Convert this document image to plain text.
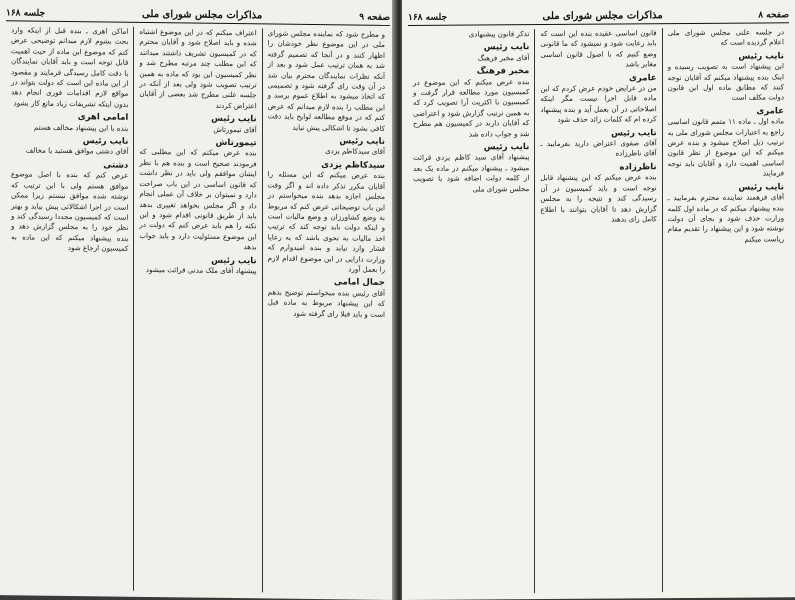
صفحه ٩
مذاکرات مجلس شورای ملی
جلسه ۱۶۸
و مطرح شود که نماینده مجلس شورای ملی در این موضوع نظر خودشان را اظهار کنند و در آنجا که تصمیم گرفته شد به همان ترتیب عمل شود و بعد از آنکه نظرات نمایندگان محترم بیان شد در آن وقت رای گرفته شود و تصمیمی که اتخاذ میشود به اطلاع عموم برسد و این مطلب را بنده لازم میدانم که عرض کنم که در موقع مطالعه لوایح باید دقت کافی بشود تا اشکالی پیش نیاید
نایب رئیس
آقای سیدکاظم یزدی
سیدکاظم یزدی
بنده عرض میکنم که این مسئله را آقایان مکرر تذکر داده اند و اگر وقت مجلس اجازه بدهد بنده میخواستم در این باب توضیحاتی عرض کنم که مربوط به وضع کشاورزان و وضع مالیات است و اینکه دولت باید توجه کند که ترتیب اخذ مالیات به نحوی باشد که به رعایا فشار وارد نیاید و بنده امیدوارم که وزارت دارایی در این موضوع اقدام لازم را بعمل آورد
جمال امامی
آقای رئیس بنده میخواستم توضیح بدهم که این پیشنهاد مربوط به ماده قبل است و باید قبلا رای گرفته شود
اعتراف میکنم که در این موضوع اشتباه شده و باید اصلاح شود و آقایان محترم که در کمیسیون تشریف داشتند میدانند که این مطلب چند مرتبه مطرح شد و نظر کمیسیون این بود که ماده به همین ترتیب تصویب شود ولی بعد از آنکه در جلسه علنی مطرح شد بعضی از آقایان اعتراض کردند
نایب رئیس
آقای تیمورتاش
تیمورتاش
بنده عرض میکنم که این مطلبی که فرمودند صحیح است و بنده هم با نظر ایشان موافقم ولی باید در نظر داشت که قانون اساسی در این باب صراحت دارد و نمیتوان بر خلاف آن عملی انجام داد و اگر مجلس بخواهد تغییری بدهد باید از طریق قانونی اقدام شود و این نکته را هم باید عرض کنم که دولت در این موضوع مسئولیت دارد و باید جواب بدهد
نایب رئیس
پیشنهاد آقای ملک مدنی قرائت میشود
اماکن اهری ـ بنده قبل از اینکه وارد بحث بشوم لازم میدانم توضیحی عرض کنم که موضوع این ماده از حیث اهمیت قابل توجه است و باید آقایان نمایندگان با دقت کامل رسیدگی فرمایند و مقصود از این ماده این است که دولت بتواند در مواقع لازم اقدامات فوری انجام دهد بدون اینکه تشریفات زیاد مانع کار بشود
امامی اهری
بنده با این پیشنهاد مخالف هستم
نایب رئیس
آقای دشتی موافق هستید یا مخالف
دشتی
عرض کنم که بنده با اصل موضوع موافق هستم ولی با این ترتیب که نوشته شده موافق نیستم زیرا ممکن است در اجرا اشکالاتی پیش بیاید و بهتر است که کمیسیون مجددا رسیدگی کند و نظر خود را به مجلس گزارش دهد و بنده پیشنهاد میکنم که این ماده به کمیسیون ارجاع شود
صفحه ۸
مذاکرات مجلس شورای ملی
جلسه ۱۶۸
در جلسه علنی مجلس شورای ملی اعلام گردیده است که
نایب رئیس
این پیشنهاد است به تصویب رسیده و اینک بنده پیشنهاد میکنم که آقایان توجه کنند که مطابق ماده اول این قانون دولت مکلف است
عامری
ماده اول ـ ماده ۱۱ متمم قانون اساسی راجع به اعتبارات مجلس شورای ملی به ترتیب ذیل اصلاح میشود و بنده عرض میکنم که این موضوع از نظر قانون اساسی اهمیت دارد و آقایان باید توجه فرمایند
نایب رئیس
آقای فرهمند نماینده محترم بفرمایید ـ بنده پیشنهاد میکنم که در ماده اول کلمه وزارت حذف شود و بجای آن دولت نوشته شود و این پیشنهاد را تقدیم مقام ریاست میکنم
قانون اساسی عقیده بنده این است که باید رعایت شود و نمیشود که ما قانونی وضع کنیم که با اصول قانون اساسی مغایر باشد
عامری
من در عرایض خودم عرض کردم که این ماده قابل اجرا نیست مگر اینکه اصلاحاتی در آن بعمل آید و بنده پیشنهاد کرده ام که کلمات زائد حذف شود
نایب رئیس
آقای صفوی اعتراض دارید بفرمایید ـ آقای ناظرزاده
ناظرزاده
بنده عرض میکنم که این پیشنهاد قابل توجه است و باید کمیسیون در آن رسیدگی کند و نتیجه را به مجلس گزارش دهد تا آقایان بتوانند با اطلاع کامل رای بدهند
تذکر قانون پیشنهادی
نایب رئیس
آقای مخبر فرهنگ
مخبر فرهنگ
بنده عرض میکنم که این موضوع در کمیسیون مورد مطالعه قرار گرفت و کمیسیون با اکثریت آرا تصویب کرد که به همین ترتیب گزارش شود و اعتراضی که آقایان دارند در کمیسیون هم مطرح شد و جواب داده شد
نایب رئیس
پیشنهاد آقای سید کاظم یزدی قرائت میشود ـ پیشنهاد میکنم در ماده یک بعد از کلمه دولت اضافه شود با تصویب مجلس شورای ملی
